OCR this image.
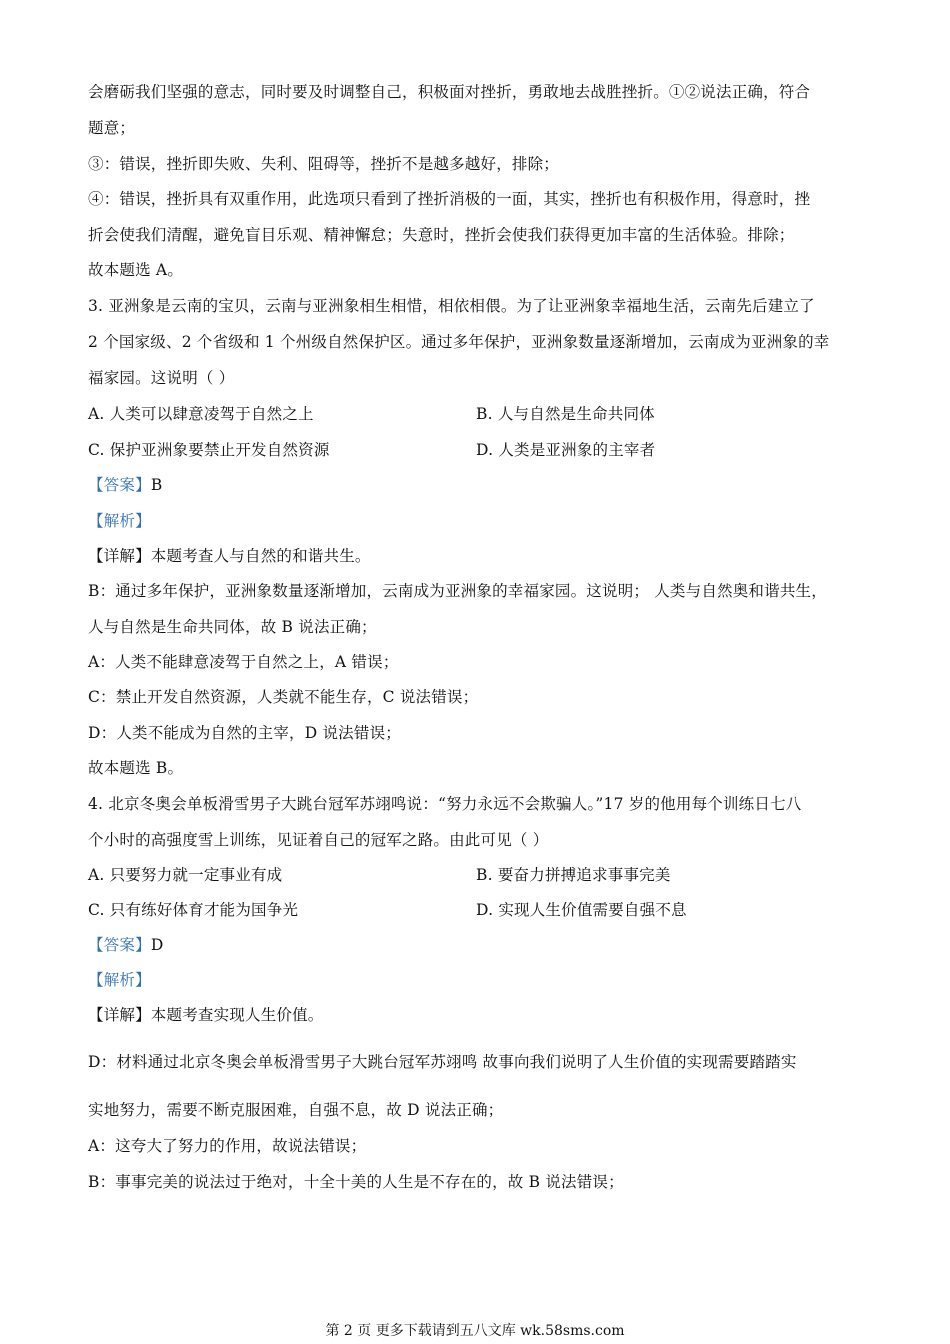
会磨砺我们坚强的意志，同时要及时调整自己，积极面对挫折，勇敢地去战胜挫折。①②说法正确，符合
题意；
③：错误，挫折即失败、失利、阻碍等，挫折不是越多越好，排除；
④：错误，挫折具有双重作用，此选项只看到了挫折消极的一面，其实，挫折也有积极作用，得意时，挫
折会使我们清醒，避免盲目乐观、精神懈怠；失意时，挫折会使我们获得更加丰富的生活体验。排除；
故本题选 A。
3. 亚洲象是云南的宝贝，云南与亚洲象相生相惜，相依相偎。为了让亚洲象幸福地生活，云南先后建立了
2 个国家级、2 个省级和 1 个州级自然保护区。通过多年保护，亚洲象数量逐渐增加，云南成为亚洲象的幸
福家园。这说明（ ）
A. 人类可以肆意凌驾于自然之上	B. 人与自然是生命共同体
C. 保护亚洲象要禁止开发自然资源	D. 人类是亚洲象的主宰者
【答案】B
【解析】
【详解】本题考查人与自然的和谐共生。
B：通过多年保护，亚洲象数量逐渐增加，云南成为亚洲象的幸福家园。这说明； 人类与自然奥和谐共生，
人与自然是生命共同体，故 B 说法正确；
A：人类不能肆意凌驾于自然之上，A 错误；
C：禁止开发自然资源，人类就不能生存，C 说法错误；
D：人类不能成为自然的主宰，D 说法错误；
故本题选 B。
4. 北京冬奥会单板滑雪男子大跳台冠军苏翊鸣说：“努力永远不会欺骗人。”17 岁的他用每个训练日七八
个小时的高强度雪上训练，见证着自己的冠军之路。由此可见（ ）
A. 只要努力就一定事业有成	B. 要奋力拼搏追求事事完美
C. 只有练好体育才能为国争光	D. 实现人生价值需要自强不息
【答案】D
【解析】
【详解】本题考查实现人生价值。
D：材料通过北京冬奥会单板滑雪男子大跳台冠军苏翊鸣 故事向我们说明了人生价值的实现需要踏踏实
实地努力，需要不断克服困难，自强不息，故 D 说法正确；
A：这夸大了努力的作用，故说法错误；
B：事事完美的说法过于绝对，十全十美的人生是不存在的，故 B 说法错误；
第 2 页 更多下载请到五八文库 wk.58sms.com
